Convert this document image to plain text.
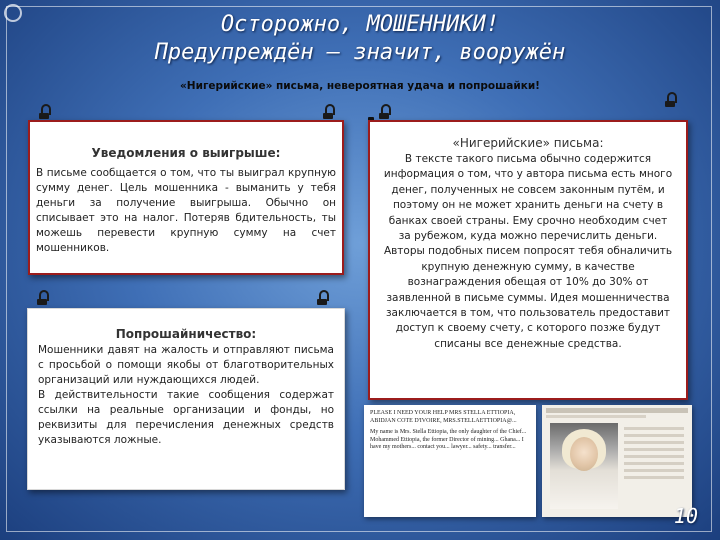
Осторожно, МОШЕННИКИ!
Предупреждён – значит, вооружён
«Нигерийские» письма, невероятная удача и попрошайки!
Уведомления о выигрыше:

В письме сообщается о том, что ты выиграл крупную сумму денег. Цель мошенника - выманить у тебя деньги за получение выигрыша. Обычно он списывает это на налог. Потеряв бдительность, ты можешь перевести крупную сумму на счет мошенников.

Попрошайничество:

Мошенники давят на жалость и отправляют письма с просьбой о помощи якобы от благотворительных организаций или нуждающихся людей.

В действительности такие сообщения содержат ссылки на реальные организации и фонды, но реквизиты для перечисления денежных средств указываются ложные.

«Нигерийские» письма:

В тексте такого письма обычно содержится информация о том, что у автора письма есть много денег, полученных не совсем законным путём, и поэтому он не может хранить деньги на счету в банках своей страны. Ему срочно необходим счет за рубежом, куда можно перечислить деньги. Авторы подобных писем попросят тебя обналичить крупную денежную сумму, в качестве вознаграждения обещая от 10% до 30% от заявленной в письме суммы. Идея мошенничества заключается в том, что пользователь предоставит доступ к своему счету, с которого позже будут списаны все денежные средства.

PLEASE I NEED YOUR HELP MRS STELLA ETTIOPIA, ABIDJAN COTE D'IVOIRE, MRS.STELLAETTIOPIA@...
My name is Mrs. Stella Ettiopia, the only daughter of the Chief... Mohammed Ettiopia, the former Director of mining... Ghana... I have my mothers... contact you... lawyer... safety... transfer...
10
